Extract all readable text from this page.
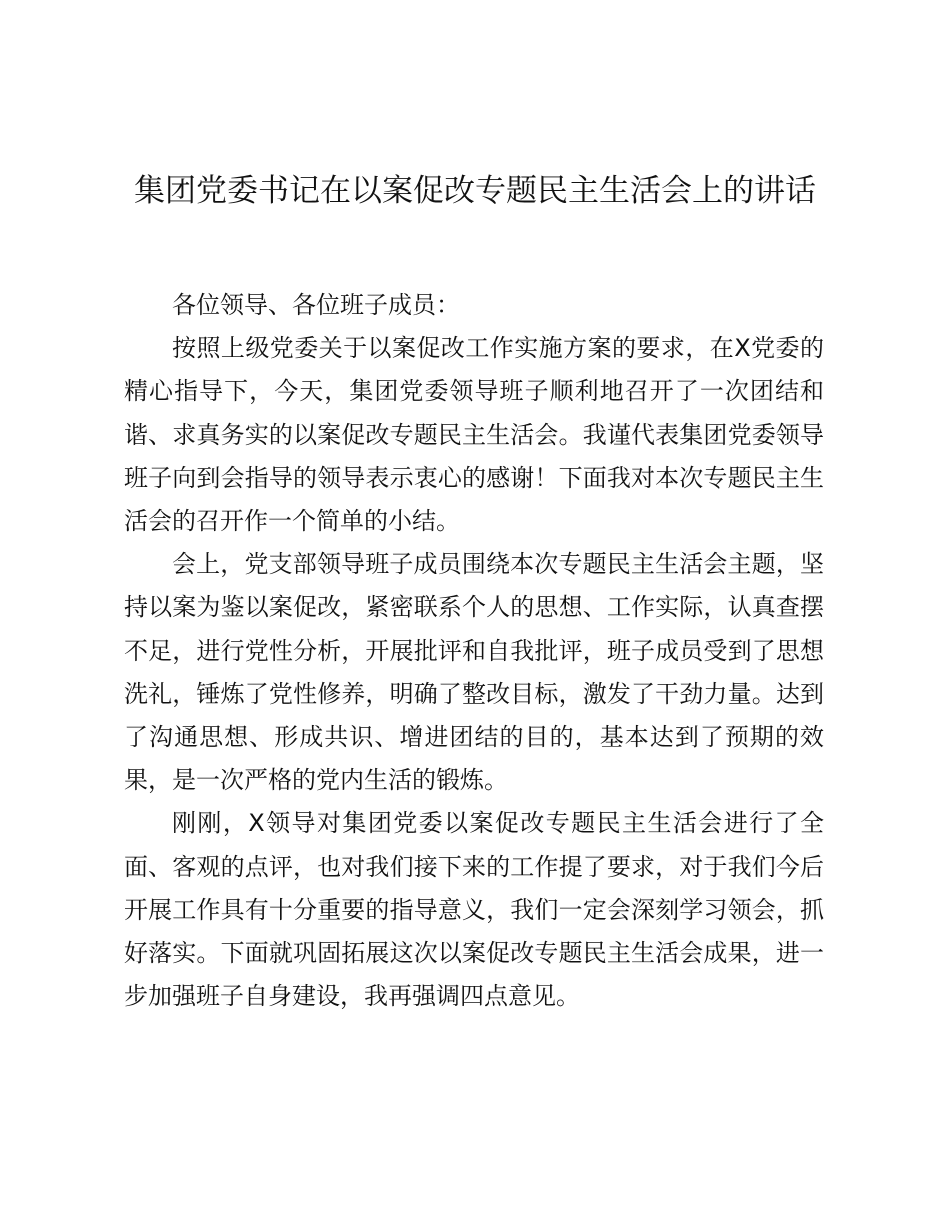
集团党委书记在以案促改专题民主生活会上的讲话

各位领导、各位班子成员：

按照上级党委关于以案促改工作实施方案的要求，在X党委的精心指导下，今天，集团党委领导班子顺利地召开了一次团结和谐、求真务实的以案促改专题民主生活会。我谨代表集团党委领导班子向到会指导的领导表示衷心的感谢！下面我对本次专题民主生活会的召开作一个简单的小结。

会上，党支部领导班子成员围绕本次专题民主生活会主题，坚持以案为鉴以案促改，紧密联系个人的思想、工作实际，认真查摆不足，进行党性分析，开展批评和自我批评，班子成员受到了思想洗礼，锤炼了党性修养，明确了整改目标，激发了干劲力量。达到了沟通思想、形成共识、增进团结的目的，基本达到了预期的效果，是一次严格的党内生活的锻炼。

刚刚，X领导对集团党委以案促改专题民主生活会进行了全面、客观的点评，也对我们接下来的工作提了要求，对于我们今后开展工作具有十分重要的指导意义，我们一定会深刻学习领会，抓好落实。下面就巩固拓展这次以案促改专题民主生活会成果，进一步加强班子自身建设，我再强调四点意见。
